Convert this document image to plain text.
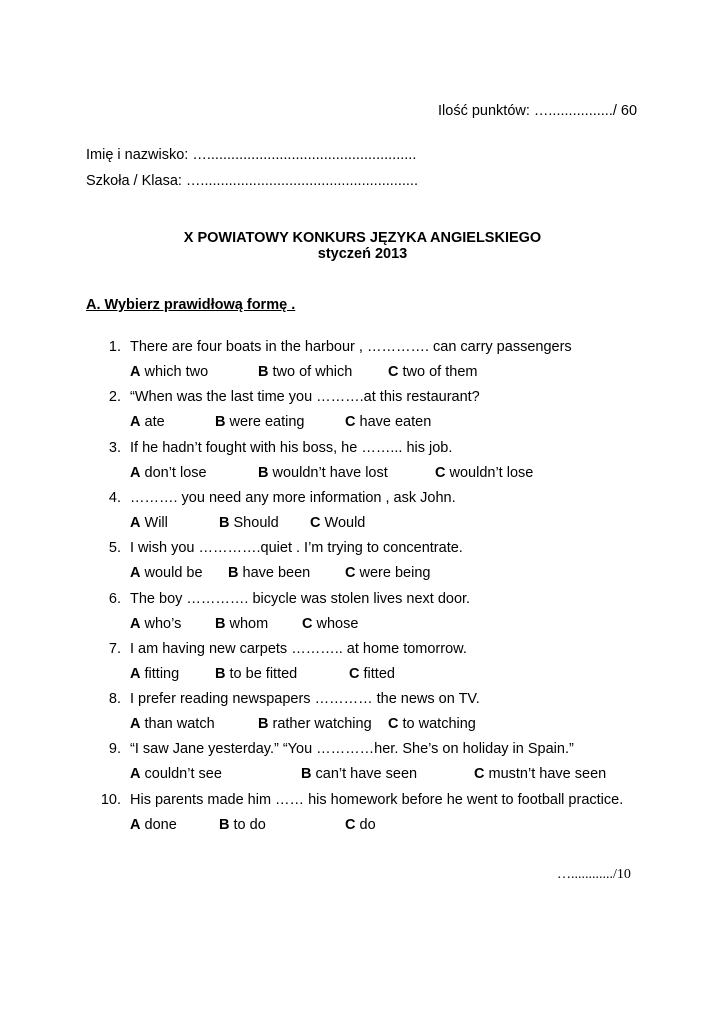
Ilość punktów: …................/ 60
Imię i nazwisko: …....................................................
Szkoła / Klasa: …......................................................
X POWIATOWY KONKURS JĘZYKA ANGIELSKIEGO
styczeń 2013
A. Wybierz prawidłową formę .
1. There are four boats in the harbour , …………. can carry passengers
A which two	B two of which C two of them
2. “When was the last time you ……….at this restaurant?
A ate	B were eating	C have eaten
3. If he hadn’t fought with his boss, he ……... his job.
A don’t lose	B wouldn’t have lost	C wouldn’t lose
4. ………. you need any more information , ask John.
A Will	B Should C Would
5. I wish you ………….quiet . I’m trying to concentrate.
A would be B have been C were being
6. The boy …………. bicycle was stolen lives next door.
A who’s B whom C whose
7. I am having new carpets ……….. at home tomorrow.
A fitting B to be fitted	C fitted
8. I prefer reading newspapers ………… the news on TV.
A than watch	B rather watching C to watching
9. “I saw Jane yesterday.” “You …………her. She’s on holiday in Spain.”
A couldn’t see	B can’t have seen	C mustn’t have seen
10. His parents made him …… his homework before he went to football practice.
A done	B to do	C do
…............/10
